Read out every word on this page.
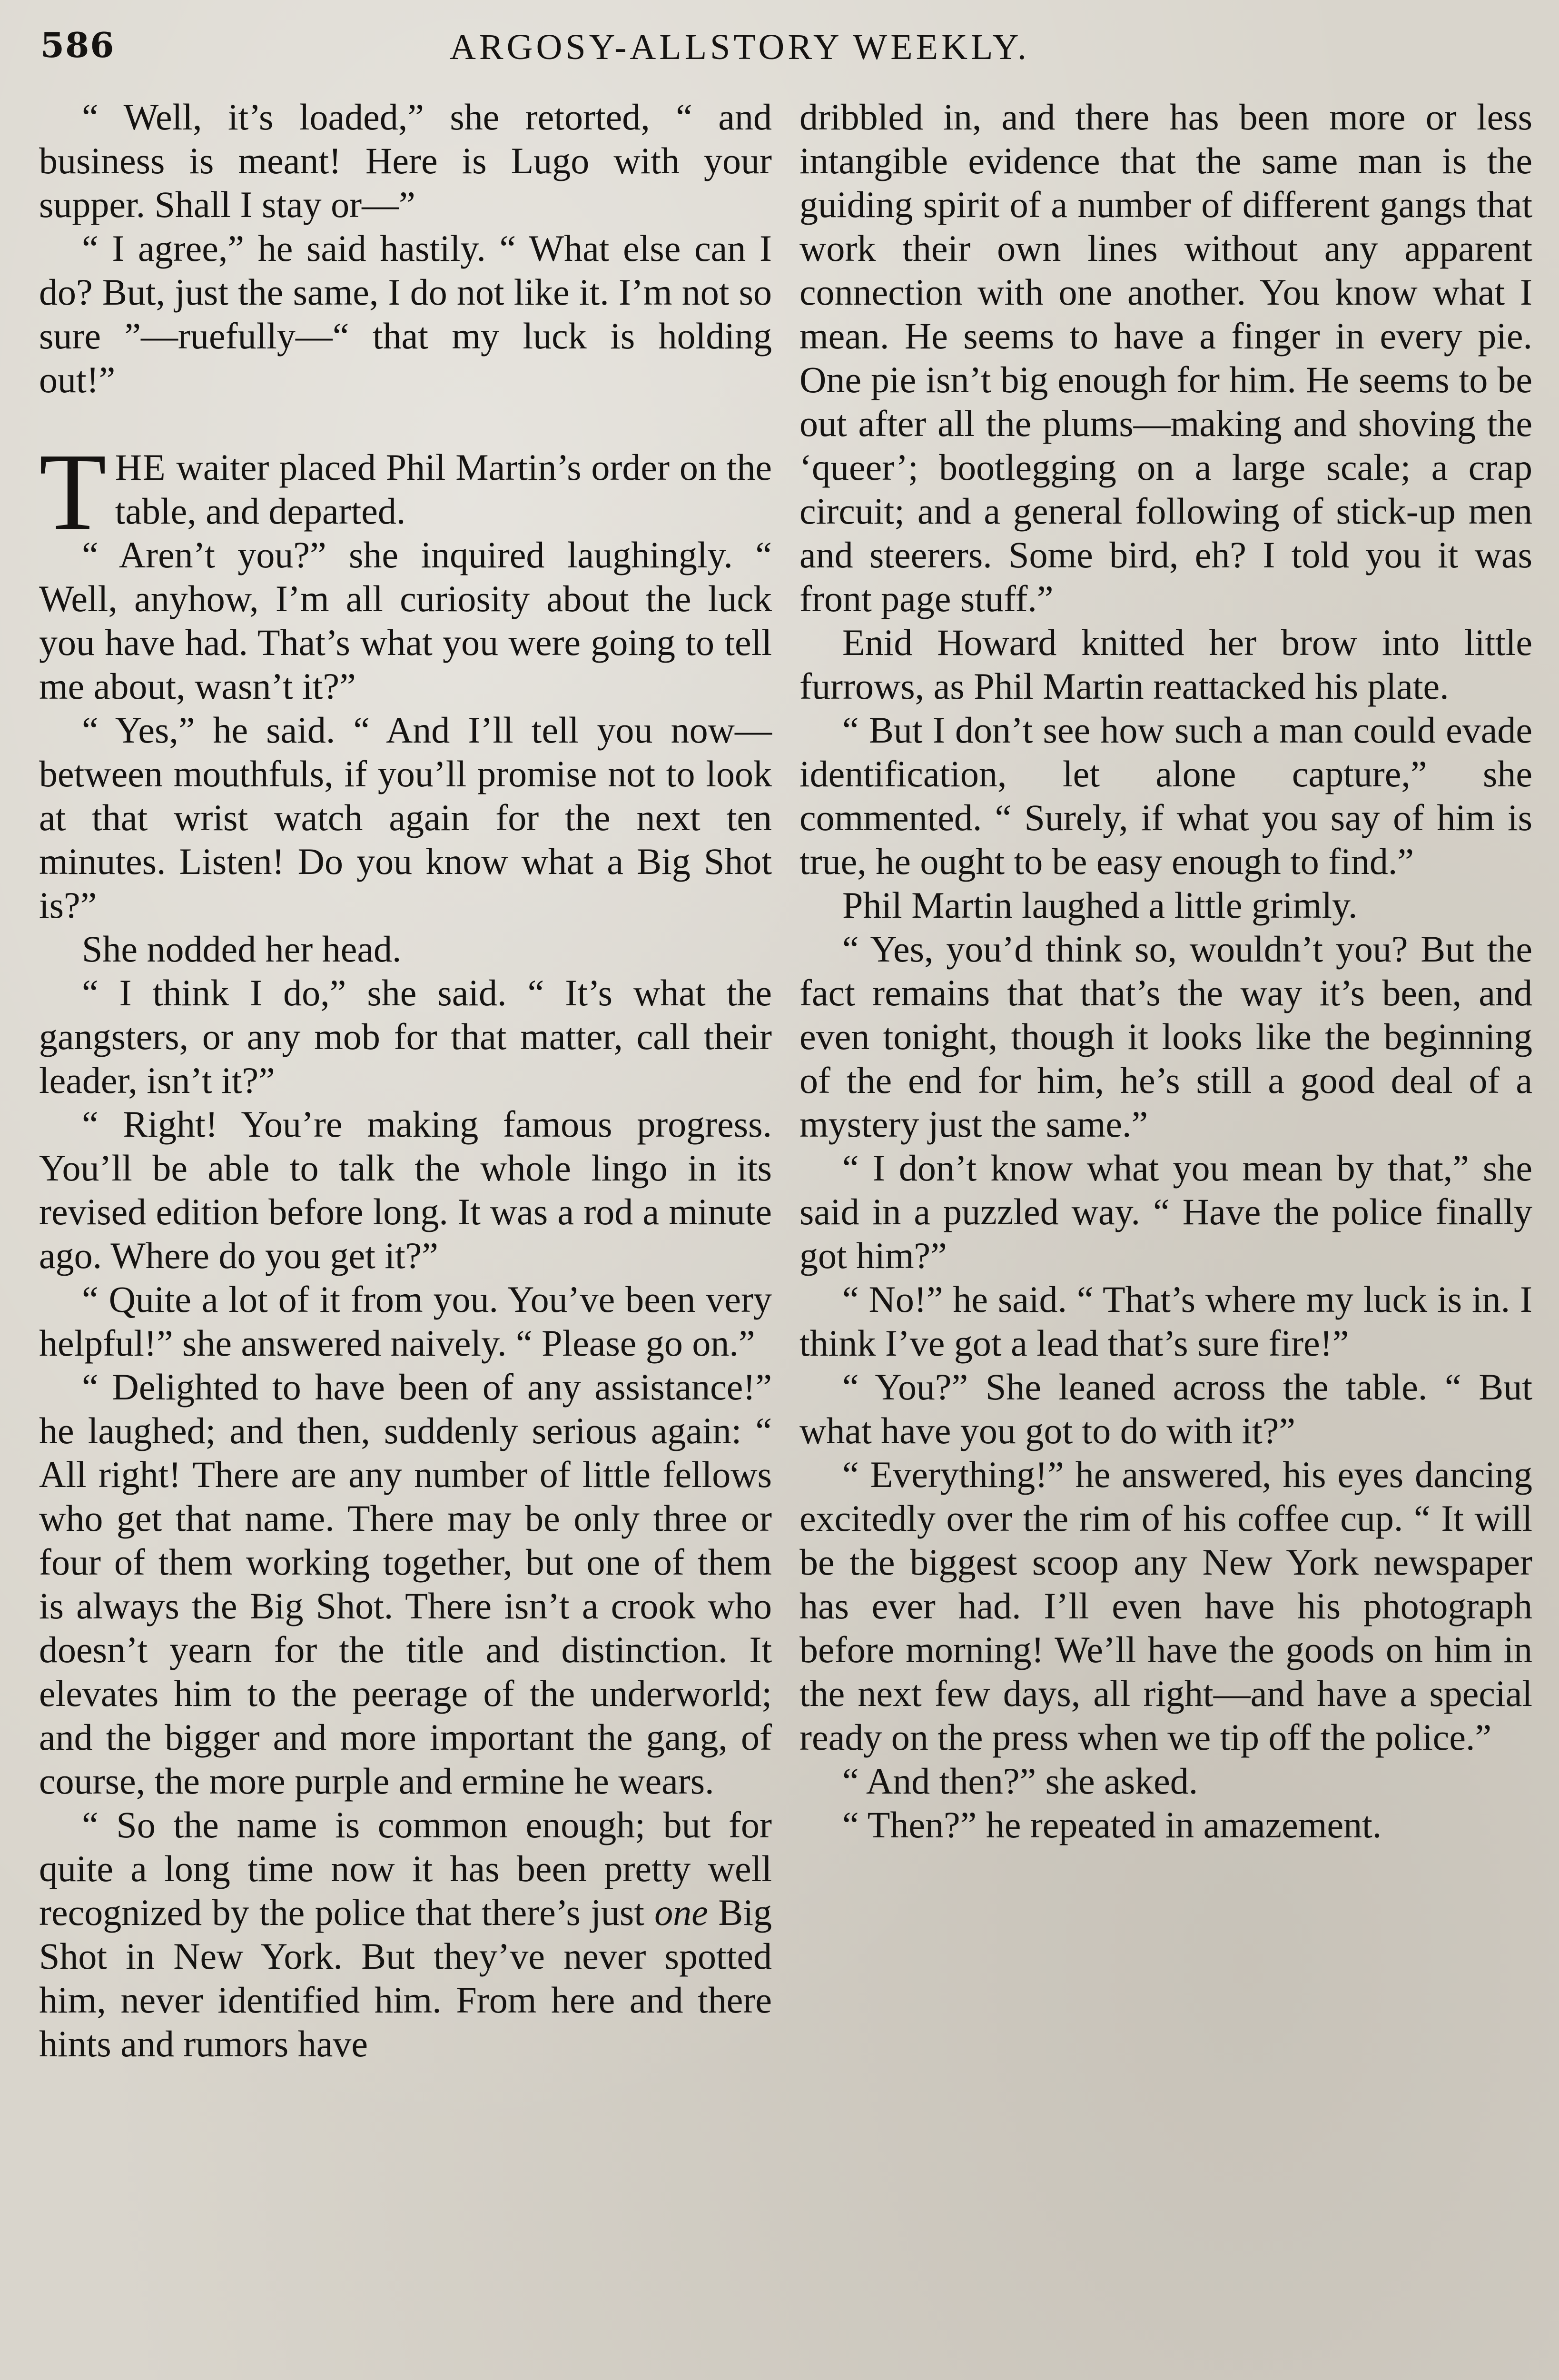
586	ARGOSY-ALLSTORY WEEKLY.

“ Well, it’s loaded,” she retorted, “ and business is meant! Here is Lugo with your supper. Shall I stay or—”

“ I agree,” he said hastily. “ What else can I do? But, just the same, I do not like it. I’m not so sure ”—ruefully—“ that my luck is holding out!”

THE waiter placed Phil Martin’s order on the table, and departed.

“ Aren’t you?” she inquired laughingly. “ Well, anyhow, I’m all curiosity about the luck you have had. That’s what you were going to tell me about, wasn’t it?”

“ Yes,” he said. “ And I’ll tell you now—between mouthfuls, if you’ll promise not to look at that wrist watch again for the next ten minutes. Listen! Do you know what a Big Shot is?”

She nodded her head.

“ I think I do,” she said. “ It’s what the gangsters, or any mob for that matter, call their leader, isn’t it?”

“ Right! You’re making famous progress. You’ll be able to talk the whole lingo in its revised edition before long. It was a rod a minute ago. Where do you get it?”

“ Quite a lot of it from you. You’ve been very helpful!” she answered naively. “ Please go on.”

“ Delighted to have been of any assistance!” he laughed; and then, suddenly serious again: “ All right! There are any number of little fellows who get that name. There may be only three or four of them working together, but one of them is always the Big Shot. There isn’t a crook who doesn’t yearn for the title and distinction. It elevates him to the peerage of the underworld; and the bigger and more important the gang, of course, the more purple and ermine he wears.

“ So the name is common enough; but for quite a long time now it has been pretty well recognized by the police that there’s just one Big Shot in New York. But they’ve never spotted him, never identified him. From here and there hints and rumors have

dribbled in, and there has been more or less intangible evidence that the same man is the guiding spirit of a number of different gangs that work their own lines without any apparent connection with one another. You know what I mean. He seems to have a finger in every pie. One pie isn’t big enough for him. He seems to be out after all the plums—making and shoving the ‘queer’; bootlegging on a large scale; a crap circuit; and a general following of stick-up men and steerers. Some bird, eh? I told you it was front page stuff.”

Enid Howard knitted her brow into little furrows, as Phil Martin reattacked his plate.

“ But I don’t see how such a man could evade identification, let alone capture,” she commented. “ Surely, if what you say of him is true, he ought to be easy enough to find.”

Phil Martin laughed a little grimly.

“ Yes, you’d think so, wouldn’t you? But the fact remains that that’s the way it’s been, and even tonight, though it looks like the beginning of the end for him, he’s still a good deal of a mystery just the same.”

“ I don’t know what you mean by that,” she said in a puzzled way. “ Have the police finally got him?”

“ No!” he said. “ That’s where my luck is in. I think I’ve got a lead that’s sure fire!”

“ You?” She leaned across the table. “ But what have you got to do with it?”

“ Everything!” he answered, his eyes dancing excitedly over the rim of his coffee cup. “ It will be the biggest scoop any New York newspaper has ever had. I’ll even have his photograph before morning! We’ll have the goods on him in the next few days, all right—and have a special ready on the press when we tip off the police.”

“ And then?” she asked.

“ Then?” he repeated in amazement.
